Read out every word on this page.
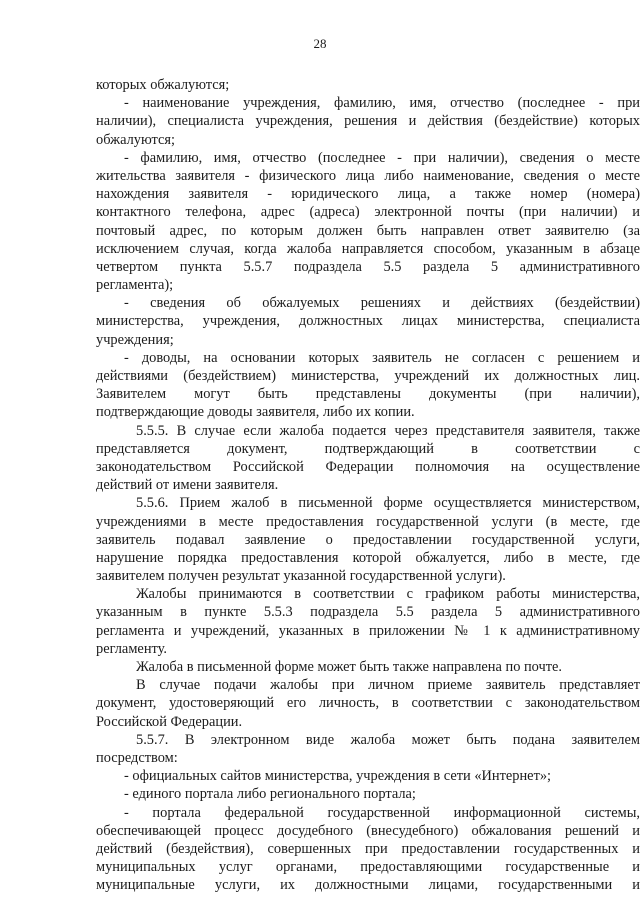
28
которых обжалуются;
- наименование учреждения, фамилию, имя, отчество (последнее - при
наличии), специалиста учреждения, решения и действия (бездействие) которых
обжалуются;
- фамилию, имя, отчество (последнее - при наличии), сведения о месте
жительства заявителя - физического лица либо наименование, сведения о месте
нахождения заявителя - юридического лица, а также номер (номера)
контактного телефона, адрес (адреса) электронной почты (при наличии) и
почтовый адрес, по которым должен быть направлен ответ заявителю (за
исключением случая, когда жалоба направляется способом, указанным в абзаце
четвертом пункта 5.5.7 подраздела 5.5 раздела 5 административного
регламента);
- сведения об обжалуемых решениях и действиях (бездействии)
министерства, учреждения, должностных лицах министерства, специалиста
учреждения;
- доводы, на основании которых заявитель не согласен с решением и
действиями (бездействием) министерства, учреждений их должностных лиц.
Заявителем могут быть представлены документы (при наличии),
подтверждающие доводы заявителя, либо их копии.
5.5.5. В случае если жалоба подается через представителя заявителя, также
представляется документ, подтверждающий в соответствии с
законодательством Российской Федерации полномочия на осуществление
действий от имени заявителя.
5.5.6. Прием жалоб в письменной форме осуществляется министерством,
учреждениями в месте предоставления государственной услуги (в месте, где
заявитель подавал заявление о предоставлении государственной услуги,
нарушение порядка предоставления которой обжалуется, либо в месте, где
заявителем получен результат указанной государственной услуги).
Жалобы принимаются в соответствии с графиком работы министерства,
указанным в пункте 5.5.3 подраздела 5.5 раздела 5 административного
регламента и учреждений, указанных в приложении № 1 к административному
регламенту.
Жалоба в письменной форме может быть также направлена по почте.
В случае подачи жалобы при личном приеме заявитель представляет
документ, удостоверяющий его личность, в соответствии с законодательством
Российской Федерации.
5.5.7. В электронном виде жалоба может быть подана заявителем
посредством:
- официальных сайтов министерства, учреждения в сети «Интернет»;
- единого портала либо регионального портала;
- портала федеральной государственной информационной системы,
обеспечивающей процесс досудебного (внесудебного) обжалования решений и
действий (бездействия), совершенных при предоставлении государственных и
муниципальных услуг органами, предоставляющими государственные и
муниципальные услуги, их должностными лицами, государственными и
